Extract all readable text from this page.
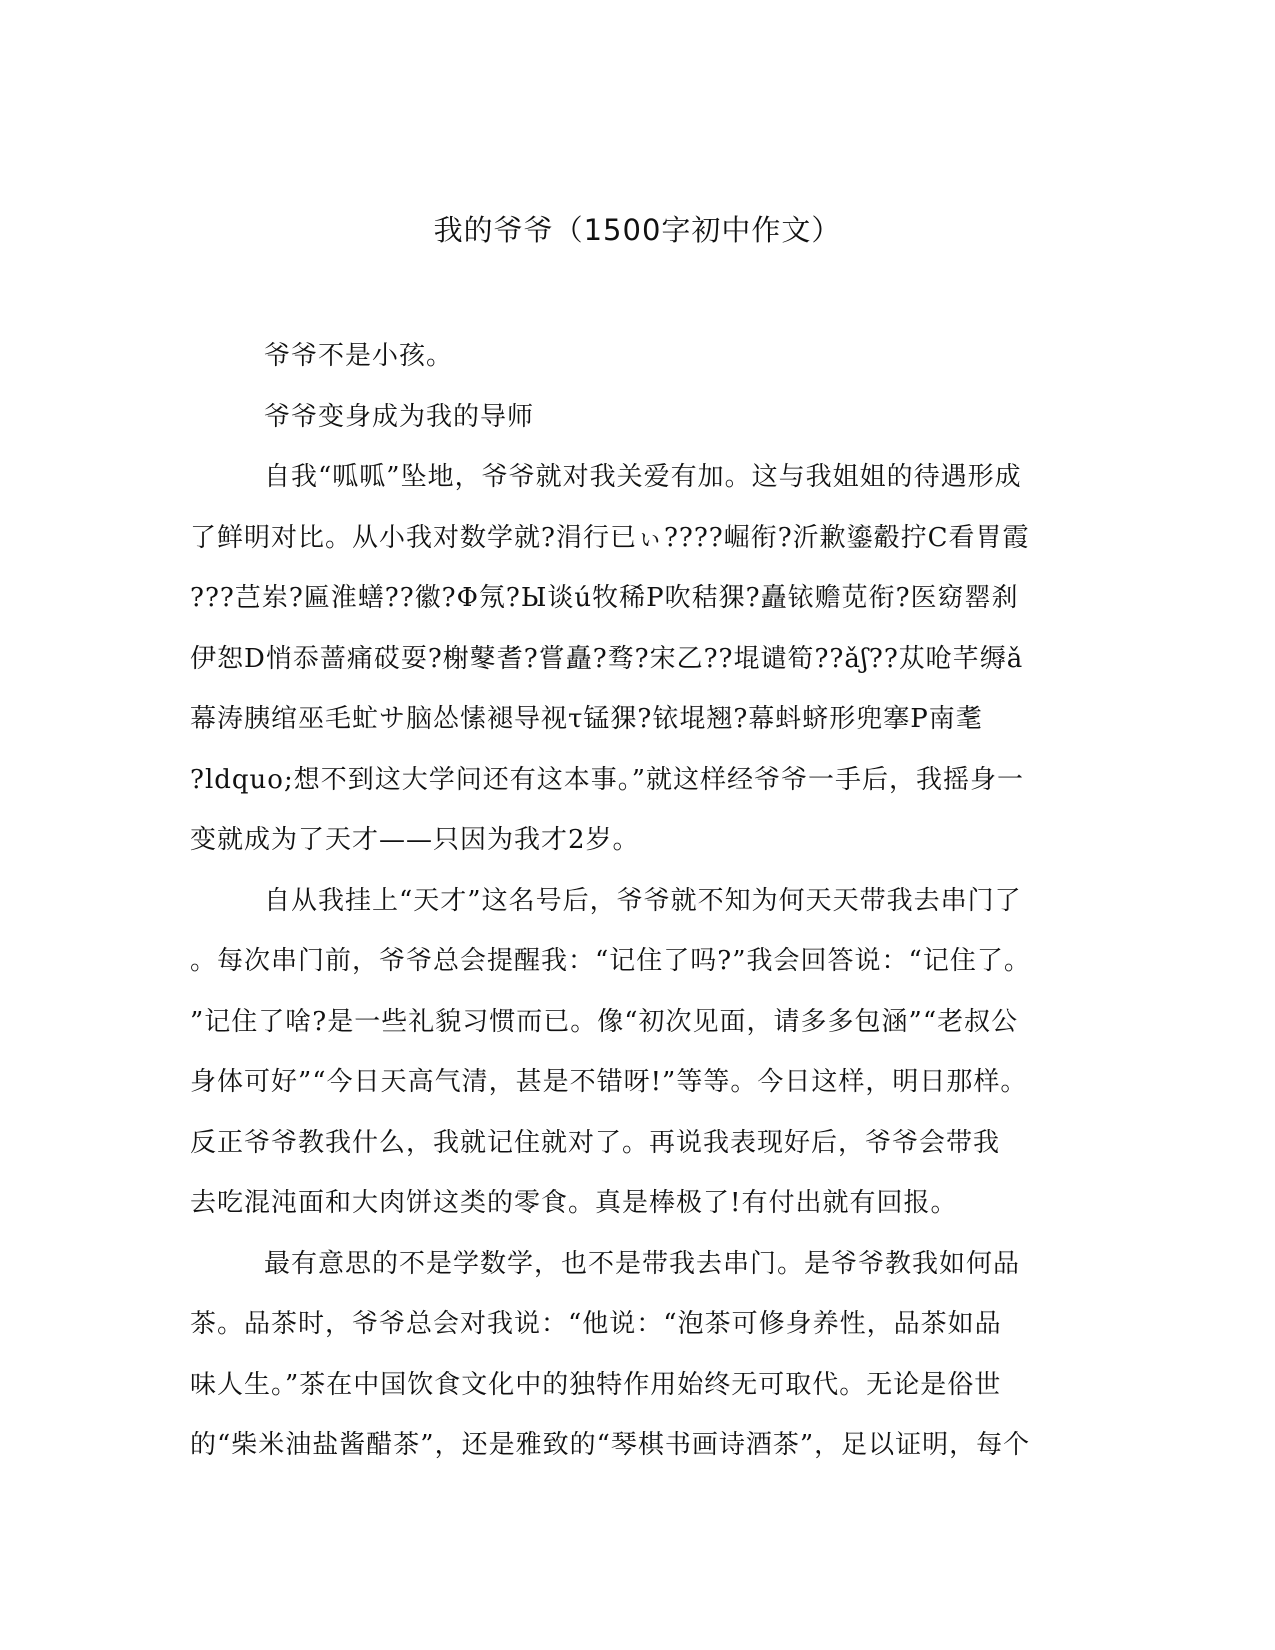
我的爷爷（1500字初中作文）
爷爷不是小孩。
爷爷变身成为我的导师
自我“呱呱”坠地，爷爷就对我关爱有加。这与我姐姐的待遇形成
了鲜明对比。从小我对数学就?涓行已ぃ????崛衔?沂歉鎏觳拧C看胃霞
???芑岽?匾淮蟮??徽?Φ氖?Ы谈ú牧稀P吹秸猓?矗铱赡苋衔?医窈罂刹
伊恕D悄忝蔷痛砹耍?榭鼕耆?嘗矗?骛?宋乙??堒谴筍??ǎʃ??苁呛芊缛ǎ
幕涛胰绾巫毛虻サ脑怂愫褪导视τ锰猓?铱堒翘?幕蚪蛴形兜搴P南耄
?ldquo;想不到这大学问还有这本事。”就这样经爷爷一手后，我摇身一
变就成为了天才——只因为我才2岁。
自从我挂上“天才”这名号后，爷爷就不知为何天天带我去串门了
。每次串门前，爷爷总会提醒我：“记住了吗?”我会回答说：“记住了。
”记住了啥?是一些礼貌习惯而已。像“初次见面，请多多包涵”“老叔公
身体可好”“今日天高气清，甚是不错呀!”等等。今日这样，明日那样。
反正爷爷教我什么，我就记住就对了。再说我表现好后，爷爷会带我
去吃混沌面和大肉饼这类的零食。真是棒极了!有付出就有回报。
最有意思的不是学数学，也不是带我去串门。是爷爷教我如何品
茶。品茶时，爷爷总会对我说：“他说：“泡茶可修身养性，品茶如品
味人生。”茶在中国饮食文化中的独特作用始终无可取代。无论是俗世
的“柴米油盐酱醋茶”，还是雅致的“琴棋书画诗酒茶”，足以证明，每个
